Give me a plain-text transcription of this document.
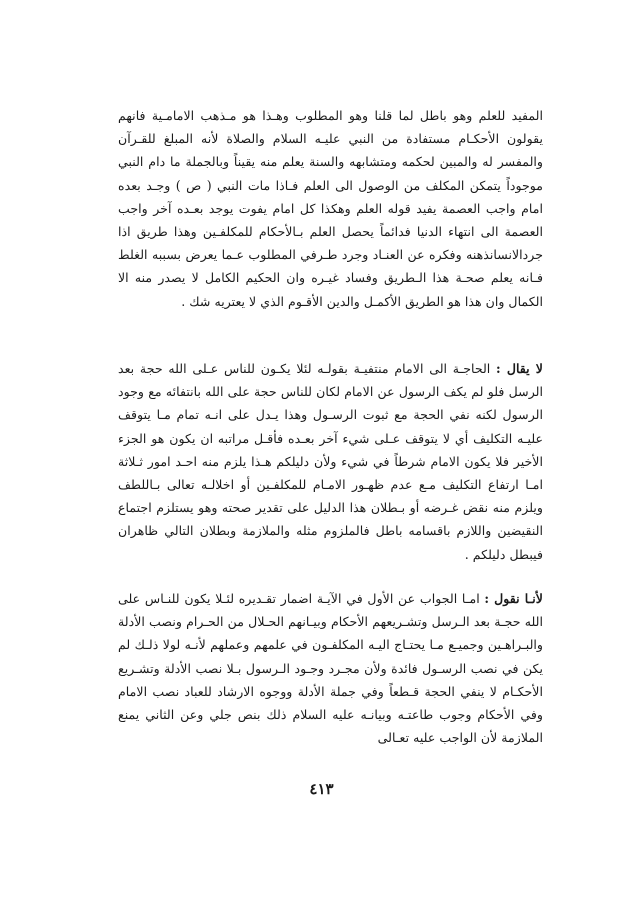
المفيد للعلم وهو باطل لما قلنا وهو المطلوب وهـذا هو مـذهب الامامـية فانهم يقولون الأحكـام مستفادة من النبي عليـه السلام والصلاة لأنه المبلغ للقـرآن والمفسر له والمبين لحكمه ومتشابهه والسنة يعلم منه يقيناً وبالجملة ما دام النبي موجوداً يتمكن المكلف من الوصول الى العلم فـاذا مات النبي ( ص ) وجـد بعده امام واجب العصمة يفيد قوله العلم وهكذا كل امام يفوت يوجد بعـده آخر واجب العصمة الى انتهاء الدنيا فدائماً يحصل العلم بـالأحكام للمكلفـين وهذا طريق اذا جردالانسانذهنه وفكره عن العنـاد وجرد طـرفي المطلوب عـما يعرض بسببه الغلط فـانه يعلم صحـة هذا الـطريق وفساد غيـره وان الحكيم الكامل لا يصدر منه الا الكمال وان هذا هو الطريق الأكمـل والدين الأقـوم الذي لا يعتريه شك .

لا يقال : الحاجـة الى الامام منتفيـة بقولـه لئلا يكـون للناس عـلى الله حجة بعد الرسل فلو لم يكف الرسول عن الامام لكان للناس حجة على الله بانتفائه مع وجود الرسول لكنه نفي الحجة مع ثبوت الرسـول وهذا يـدل على انـه تمام مـا يتوقف عليـه التكليف أي لا يتوقف عـلى شيء آخر بعـده فأقـل مراتبه ان يكون هو الجزء الأخير فلا يكون الامام شرطاً في شيء ولأن دليلكم هـذا يلزم منه احـد امور ثـلاثة امـا ارتفاع التكليف مـع عدم ظهـور الامـام للمكلفـين أو اخلالـه تعالى بـاللطف ويلزم منه نقض غـرضه أو بـطلان هذا الدليل على تقدير صحته وهو يستلزم اجتماع النقيضين واللازم باقسامه باطل فالملزوم مثله والملازمة وبطلان التالي ظاهران فيبطل دليلكم .

لأنـا نقول : امـا الجواب عن الأول في الآيـة اضمار تقـديره لئـلا يكون للنـاس على الله حجـة بعد الـرسل وتشـريعهم الأحكام وبيـانهم الحـلال من الحـرام ونصب الأدلة والبـراهـين وجميـع مـا يحتـاج اليـه المكلفـون في علمهم وعملهم لأنـه لولا ذلـك لم يكن في نصب الرسـول فائدة ولأن مجـرد وجـود الـرسول بـلا نصب الأدلة وتشـريع الأحكـام لا ينفي الحجة قـطعاً وفي جملة الأدلة ووجوه الارشاد للعباد نصب الامام وفي الأحكام وجوب طاعتـه وبيانـه عليه السلام ذلك بنص جلي وعن الثاني يمنع الملازمة لأن الواجب عليه تعـالى

٤١٣
